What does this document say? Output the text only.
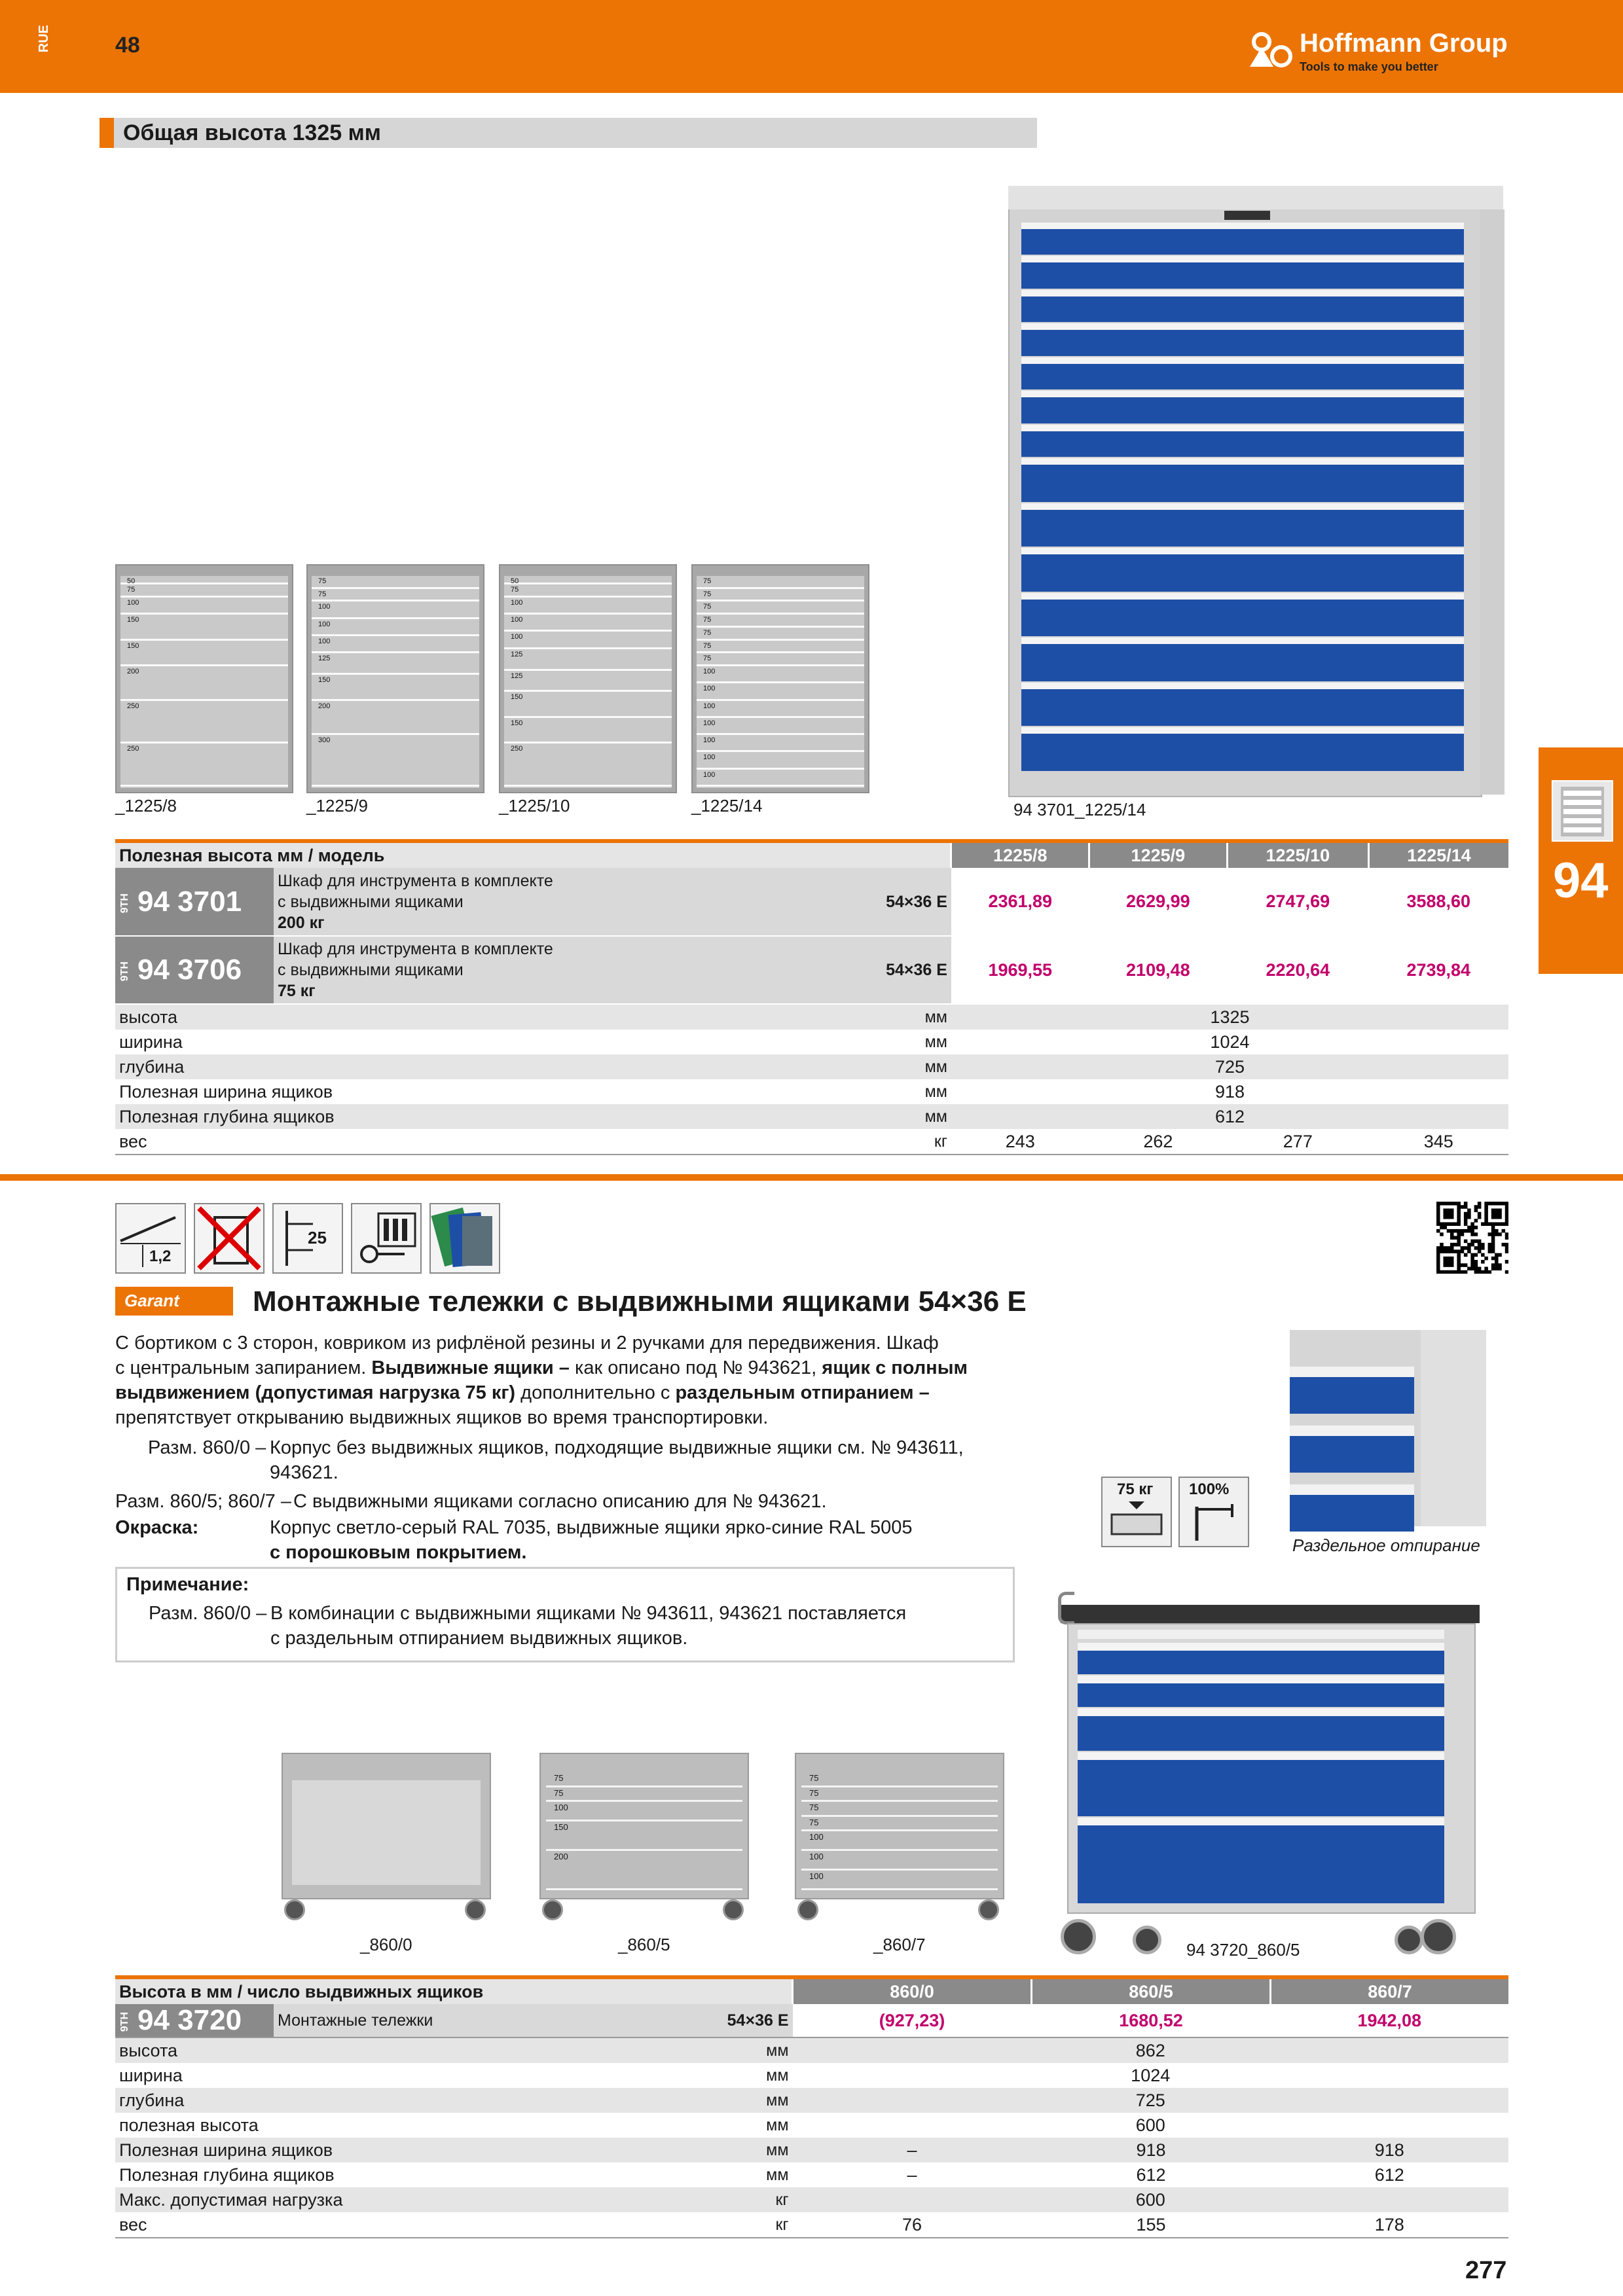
RUE	48	Hoffmann Group
Tools to make you better
Общая высота 1325 мм
50
75
100
150
150
200
250
250
_1225/8
75
75
100
100
100
125
150
200
300
_1225/9
50
75
100
100
100
125
125
150
150
250
_1225/10
75
75
75
75
75
75
75
100
100
100
100
100
100
100
_1225/14	94 3701_1225/14
94
Полезная высота мм / модель			1225/8	1225/9	1225/10	1225/14
9TH 94 3701	Шкаф для инструмента в комплекте
с выдвижными ящиками
200 кг	54×36 E	2361,89	2629,99	2747,69	3588,60
9TH 94 3706	Шкаф для инструмента в комплекте
с выдвижными ящиками
75 кг	54×36 E	1969,55	2109,48	2220,64	2739,84
высота		мм	1325			
ширина		мм	1024			
глубина		мм	725			
Полезная ширина ящиков		мм	918			
Полезная глубина ящиков		мм	612			
вес		кг	243	262	277	345
1,2
25
Garant	Монтажные тележки с выдвижными ящиками 54×36 E
С бортиком с 3 сторон, ковриком из рифлёной резины и 2 ручками для передвижения. Шкаф
с центральным запиранием. Выдвижные ящики – как описано под № 943621, ящик с полным
выдвижением (допустимая нагрузка 75 кг) дополнительно с раздельным отпиранием –
препятствует открыванию выдвижных ящиков во время транспортировки.
Разм. 860/0 – Корпус без выдвижных ящиков, подходящие выдвижные ящики см. № 943611,
943621.
Разм. 860/5; 860/7 – С выдвижными ящиками согласно описанию для № 943621.
Окраска:	Корпус светло-серый RAL 7035, выдвижные ящики ярко-синие RAL 5005
с порошковым покрытием.
Примечание:
Разм. 860/0 – В комбинации с выдвижными ящиками № 943611, 943621 поставляется
с раздельным отпиранием выдвижных ящиков.
75 кг 100%
Раздельное отпирание
_860/0
75
75
100
150
200
_860/5
75
75
75
75
100
100
100
_860/7	94 3720_860/5
Высота в мм / число выдвижных ящиков			860/0	860/5	860/7
9TH 94 3720	Монтажные тележки	54×36 E	(927,23)	1680,52	1942,08
высота		мм	862		
ширина		мм	1024		
глубина		мм	725		
полезная высота		мм	600		
Полезная ширина ящиков		мм	–	918	918
Полезная глубина ящиков		мм	–	612	612
Макс. допустимая нагрузка		кг	600		
вес		кг	76	155	178
277
